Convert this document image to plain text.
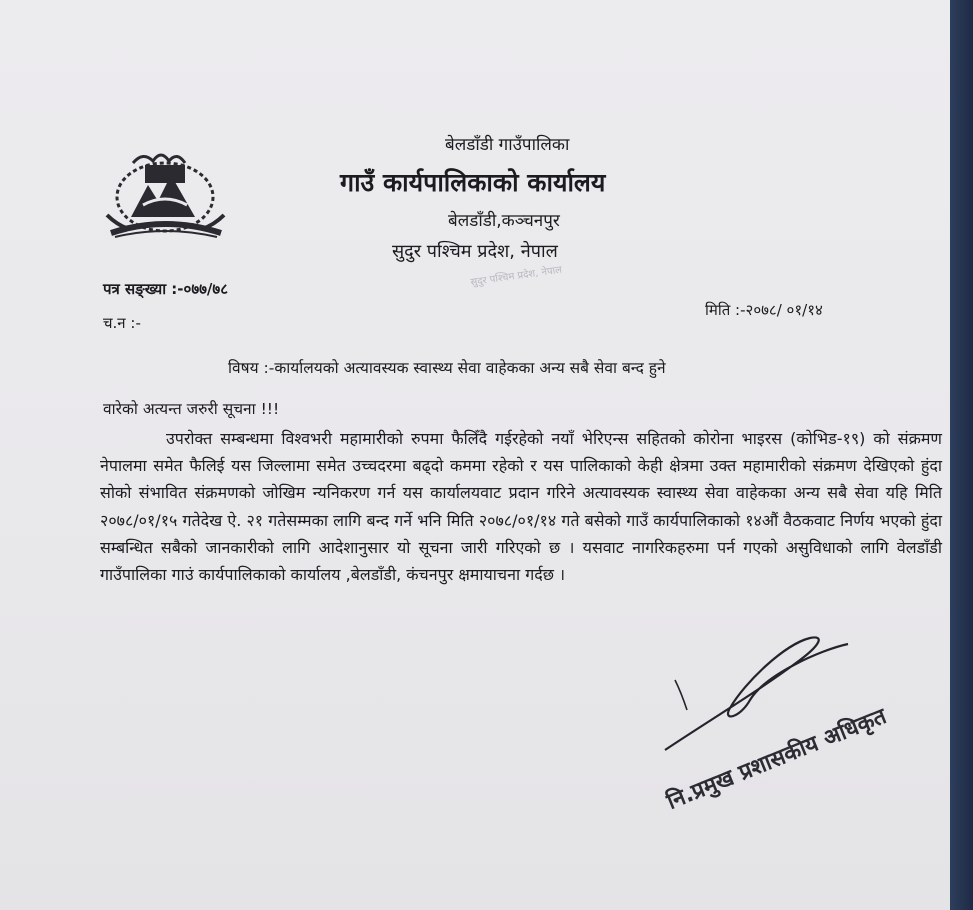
बेलडाँडी गाउँपालिका
गाउँ कार्यपालिकाको कार्यालय
बेलडाँडी,कञ्चनपुर
सुदुर पश्चिम प्रदेश, नेपाल
सुदुर पश्चिम प्रदेश, नेपाल
पत्र सङ्ख्या :-०७७/७८
च.न :-
मिति :-२०७८/ ०१/१४
विषय :-कार्यालयको अत्यावस्यक स्वास्थ्य सेवा वाहेकका अन्य सबै सेवा बन्द हुने
वारेको अत्यन्त जरुरी सूचना !!!
उपरोक्त सम्बन्धमा विश्वभरी महामारीको रुपमा फैलिँदै गईरहेको नयाँ भेरिएन्स सहितको कोरोना भाइरस (कोभिड-१९) को संक्रमण नेपालमा समेत फैलिई यस जिल्लामा समेत उच्चदरमा बढ्दो कममा रहेको र यस पालिकाको केही क्षेत्रमा उक्त महामारीको संक्रमण देखिएको हुंदा सोको संभावित संक्रमणको जोखिम न्यनिकरण गर्न यस कार्यालयवाट प्रदान गरिने अत्यावस्यक स्वास्थ्य सेवा वाहेकका अन्य सबै सेवा यहि मिति २०७८/०१/१५ गतेदेख ऐ. २१ गतेसम्मका लागि बन्द गर्ने भनि मिति २०७८/०१/१४ गते बसेको गाउँ कार्यपालिकाको १४औं वैठकवाट निर्णय भएको हुंदा सम्बन्धित सबैको जानकारीको लागि आदेशानुसार यो सूचना जारी गरिएको छ । यसवाट नागरिकहरुमा पर्न गएको असुविधाको लागि वेलडाँडी गाउँपालिका गाउं कार्यपालिकाको कार्यालय ,बेलडाँडी, कंचनपुर क्षमायाचना गर्दछ ।
नि.प्रमुख प्रशासकीय अधिकृत
